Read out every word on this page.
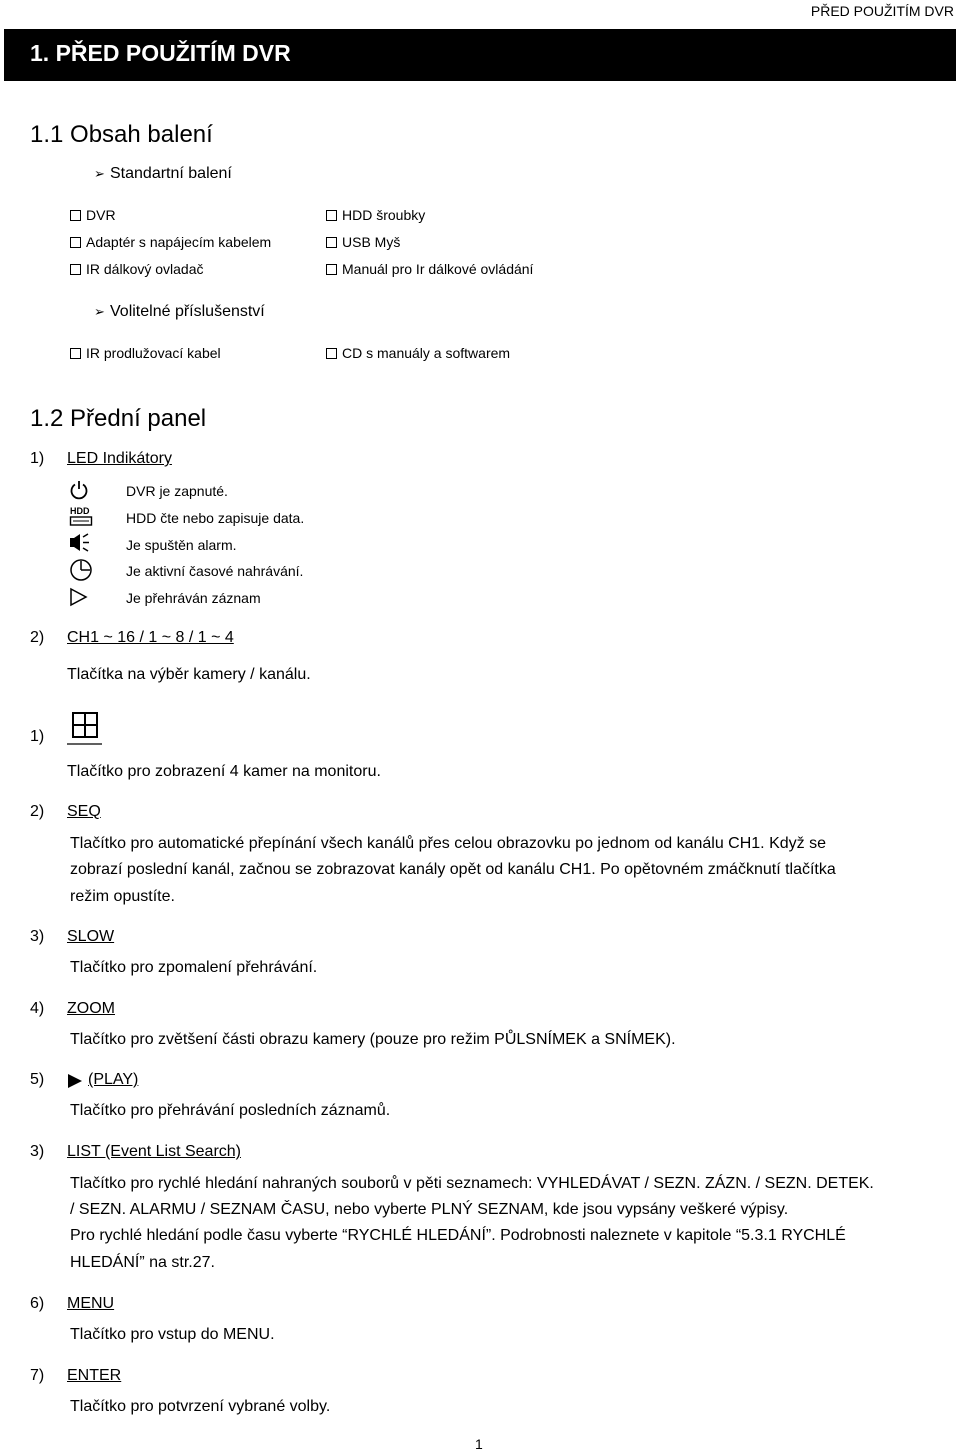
PŘED POUŽITÍM DVR
1. PŘED POUŽITÍM DVR
1.1 Obsah balení
➢ Standartní balení
DVR
Adaptér s napájecím kabelem
IR dálkový ovladač
HDD šroubky
USB Myš
Manuál pro Ir dálkové ovládání
➢ Volitelné příslušenství
IR prodlužovací kabel	CD s manuály a softwarem
1.2 Přední panel
1) LED Indikátory
HDD
DVR je zapnuté.
HDD čte nebo zapisuje data.
Je spuštěn alarm.
Je aktivní časové nahrávání.
Je přehráván záznam
2) CH1 ~ 16 / 1 ~ 8 / 1 ~ 4
Tlačítka na výběr kamery / kanálu.
1)
Tlačítko pro zobrazení 4 kamer na monitoru.
2) SEQ
Tlačítko pro automatické přepínání všech kanálů přes celou obrazovku po jednom od kanálu CH1. Když se
zobrazí poslední kanál, začnou se zobrazovat kanály opět od kanálu CH1. Po opětovném zmáčknutí tlačítka
režim opustíte.
3) SLOW
Tlačítko pro zpomalení přehrávání.
4) ZOOM
Tlačítko pro zvětšení části obrazu kamery (pouze pro režim PŮLSNÍMEK a SNÍMEK).
5)	(PLAY)
Tlačítko pro přehrávání posledních záznamů.
3) LIST (Event List Search)
Tlačítko pro rychlé hledání nahraných souborů v pěti seznamech: VYHLEDÁVAT / SEZN. ZÁZN. / SEZN. DETEK.
/ SEZN. ALARMU / SEZNAM ČASU, nebo vyberte PLNÝ SEZNAM, kde jsou vypsány veškeré výpisy.
Pro rychlé hledání podle času vyberte “RYCHLÉ HLEDÁNÍ”. Podrobnosti naleznete v kapitole “5.3.1 RYCHLÉ
HLEDÁNÍ” na str.27.
6) MENU
Tlačítko pro vstup do MENU.
7) ENTER
Tlačítko pro potvrzení vybrané volby.
1
